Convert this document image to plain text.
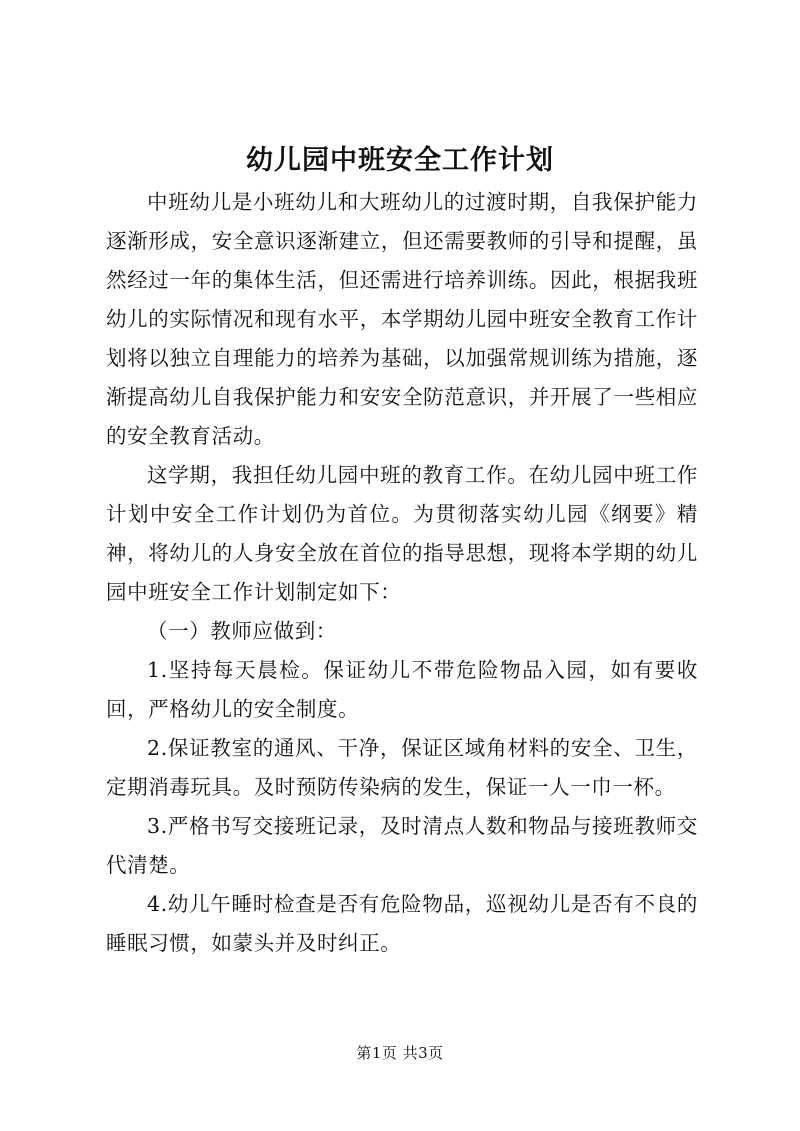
幼儿园中班安全工作计划

中班幼儿是小班幼儿和大班幼儿的过渡时期，自我保护能力逐渐形成，安全意识逐渐建立，但还需要教师的引导和提醒，虽然经过一年的集体生活，但还需进行培养训练。因此，根据我班幼儿的实际情况和现有水平，本学期幼儿园中班安全教育工作计划将以独立自理能力的培养为基础，以加强常规训练为措施，逐渐提高幼儿自我保护能力和安安全防范意识，并开展了一些相应的安全教育活动。

这学期，我担任幼儿园中班的教育工作。在幼儿园中班工作计划中安全工作计划仍为首位。为贯彻落实幼儿园《纲要》精神，将幼儿的人身安全放在首位的指导思想，现将本学期的幼儿园中班安全工作计划制定如下：

（一）教师应做到：

1.坚持每天晨检。保证幼儿不带危险物品入园，如有要收回，严格幼儿的安全制度。

2.保证教室的通风、干净，保证区域角材料的安全、卫生，定期消毒玩具。及时预防传染病的发生，保证一人一巾一杯。

3.严格书写交接班记录，及时清点人数和物品与接班教师交代清楚。

4.幼儿午睡时检查是否有危险物品，巡视幼儿是否有不良的睡眠习惯，如蒙头并及时纠正。

第1页 共3页
